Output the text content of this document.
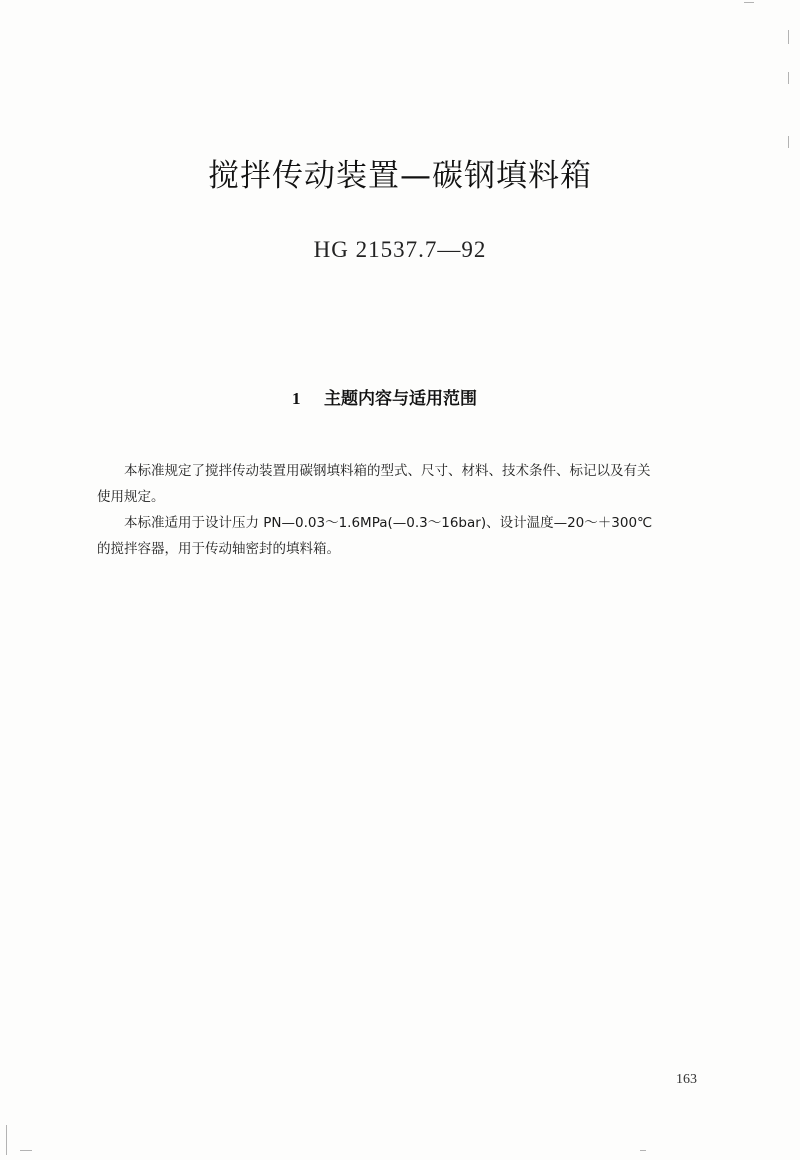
搅拌传动装置—碳钢填料箱
HG 21537.7—92
1 主题内容与适用范围

本标准规定了搅拌传动装置用碳钢填料箱的型式、尺寸、材料、技术条件、标记以及有关
使用规定。

本标准适用于设计压力 PN—0.03～1.6MPa(—0.3～16bar)、设计温度—20～＋300℃
的搅拌容器，用于传动轴密封的填料箱。

163
